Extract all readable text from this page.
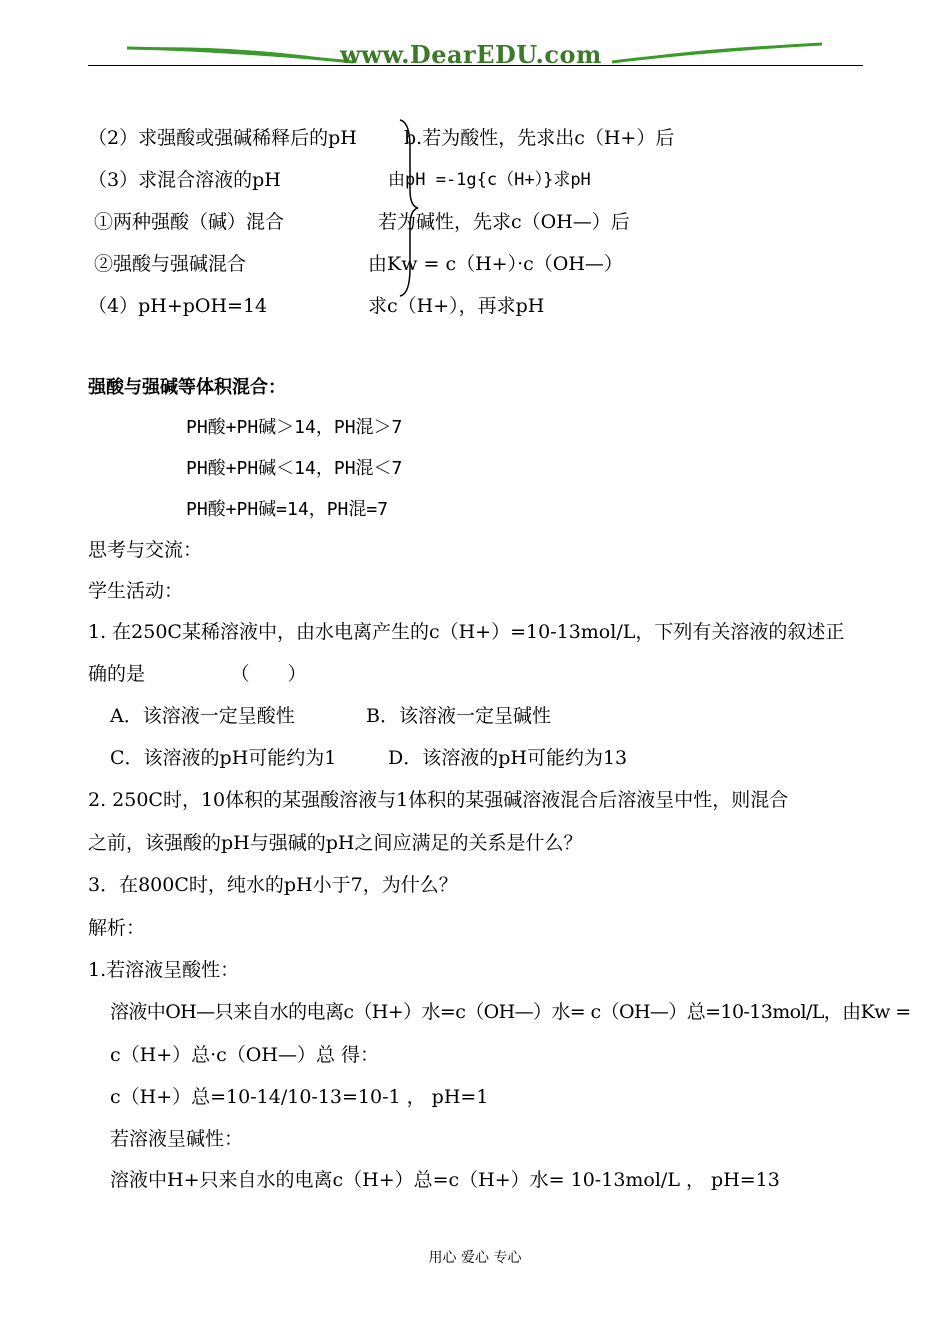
www.DearEDU.com
（2）求强酸或强碱稀释后的pH
（3）求混合溶液的pH
①两种强酸（碱）混合
②强酸与强碱混合
（4）pH+pOH=14
b.若为酸性，先求出c（H+）后
由pH =-1g{c（H+）}求pH
若为碱性，先求c（OH—）后
由Kw = c（H+）·c（OH—）
求c（H+），再求pH
强酸与强碱等体积混合：
PH酸+PH碱＞14，PH混＞7
PH酸+PH碱＜14，PH混＜7
PH酸+PH碱=14，PH混=7
思考与交流：
学生活动：
1. 在250C某稀溶液中，由水电离产生的c（H+）=10-13mol/L，下列有关溶液的叙述正
确的是　　　　　（　　）
A．该溶液一定呈酸性	B．该溶液一定呈碱性
C．该溶液的pH可能约为1	D．该溶液的pH可能约为13
2. 250C时，10体积的某强酸溶液与1体积的某强碱溶液混合后溶液呈中性，则混合
之前，该强酸的pH与强碱的pH之间应满足的关系是什么？
3．在800C时，纯水的pH小于7，为什么？
解析：
1.若溶液呈酸性：
溶液中OH—只来自水的电离c（H+）水=c（OH—）水= c（OH—）总=10-13mol/L，由Kw =
c（H+）总·c（OH—）总 得：
c（H+）总=10-14/10-13=10-1 ， pH=1
若溶液呈碱性：
溶液中H+只来自水的电离c（H+）总=c（H+）水= 10-13mol/L ， pH=13
用心 爱心 专心
